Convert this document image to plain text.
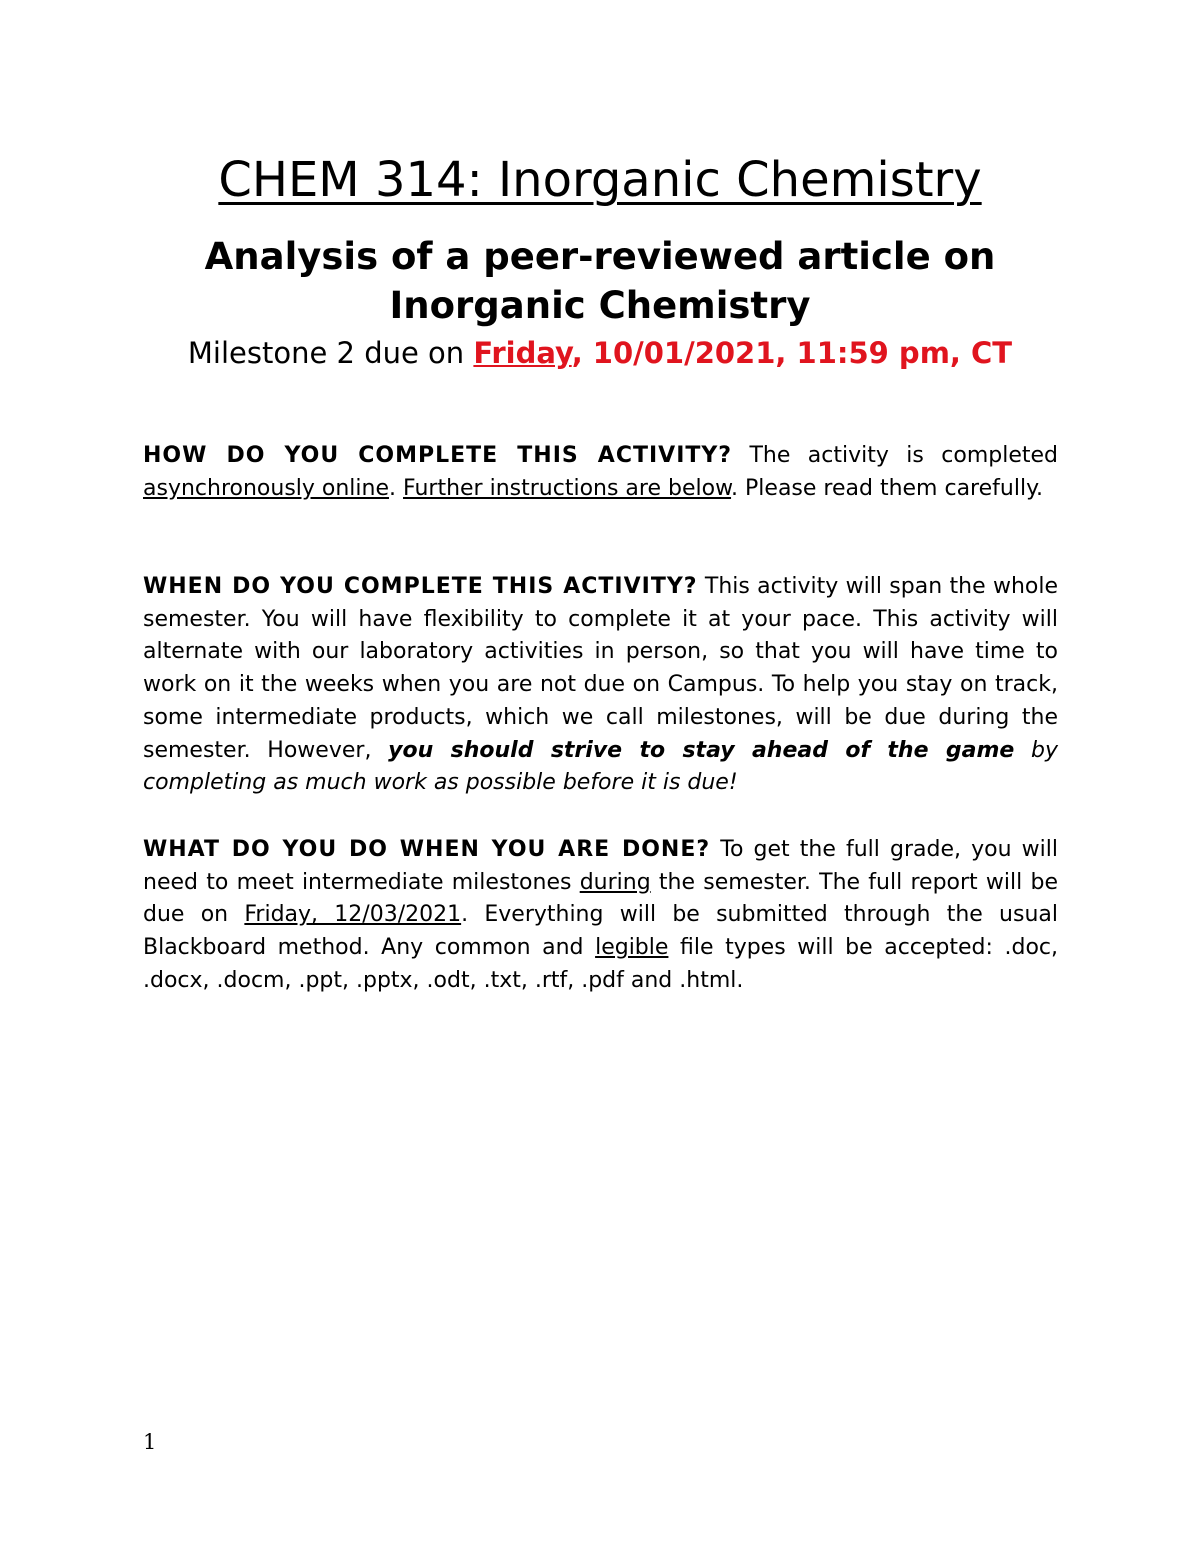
CHEM 314: Inorganic Chemistry
Analysis of a peer-reviewed article on Inorganic Chemistry

Milestone 2 due on Friday, 10/01/2021, 11:59 pm, CT

HOW DO YOU COMPLETE THIS ACTIVITY? The activity is completed asynchronously online. Further instructions are below. Please read them carefully.

WHEN DO YOU COMPLETE THIS ACTIVITY? This activity will span the whole semester. You will have flexibility to complete it at your pace. This activity will alternate with our laboratory activities in person, so that you will have time to work on it the weeks when you are not due on Campus. To help you stay on track, some intermediate products, which we call milestones, will be due during the semester. However, you should strive to stay ahead of the game by completing as much work as possible before it is due!

WHAT DO YOU DO WHEN YOU ARE DONE? To get the full grade, you will need to meet intermediate milestones during the semester. The full report will be due on Friday, 12/03/2021. Everything will be submitted through the usual Blackboard method. Any common and legible file types will be accepted: .doc, .docx, .docm, .ppt, .pptx, .odt, .txt, .rtf, .pdf and .html.

1
